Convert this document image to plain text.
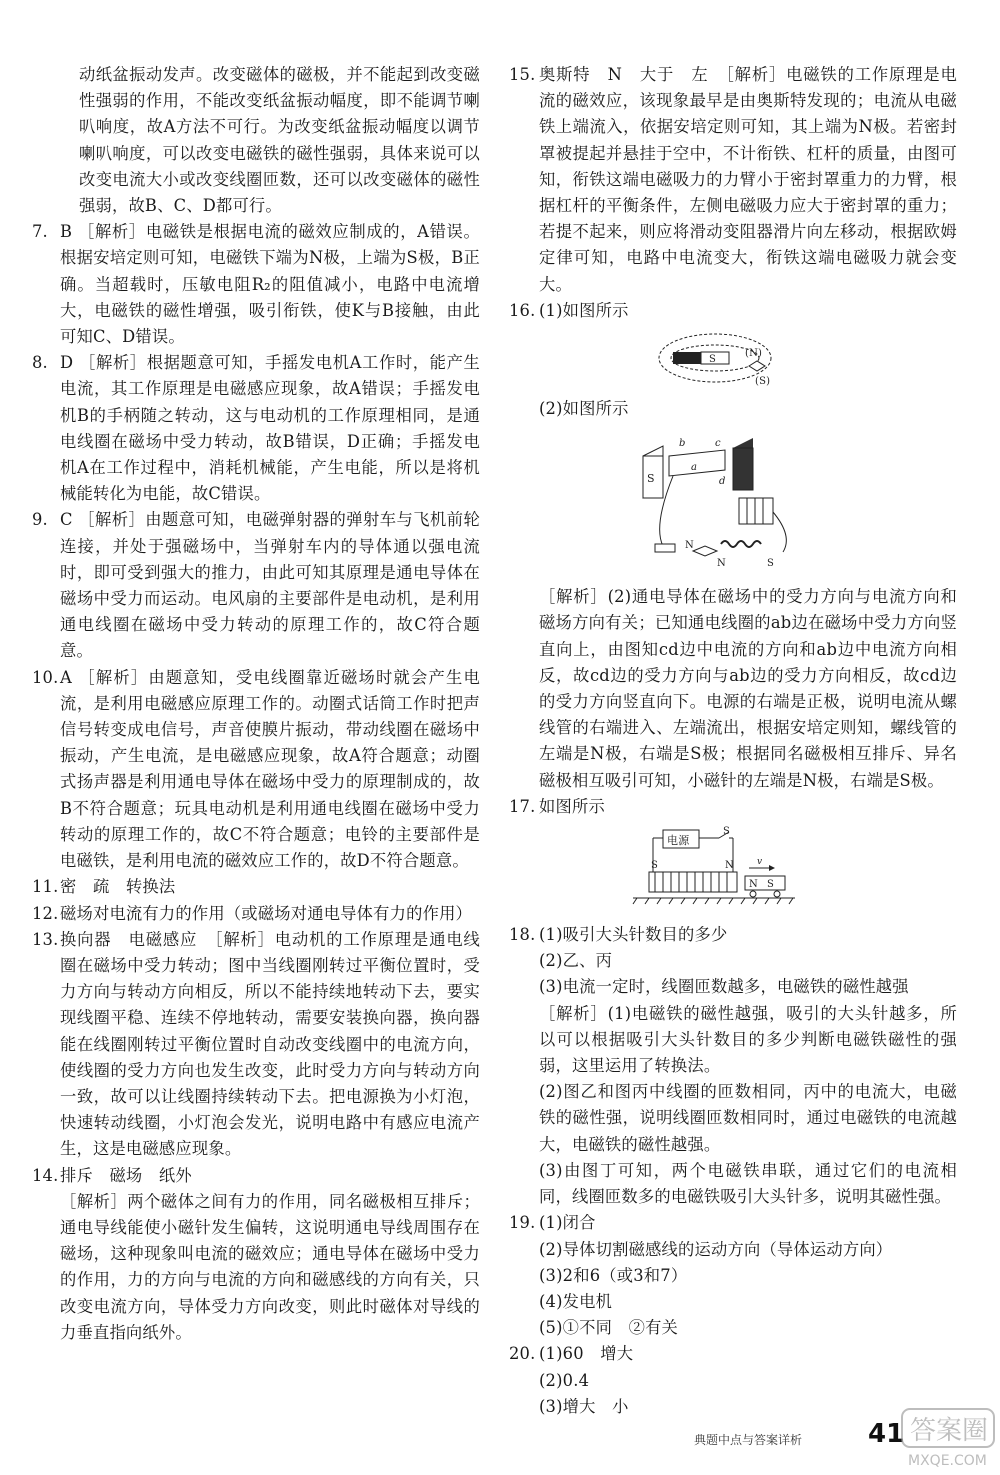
动纸盆振动发声。改变磁体的磁极，并不能起到改变磁性强弱的作用，不能改变纸盆振动幅度，即不能调节喇叭响度，故A方法不可行。为改变纸盆振动幅度以调节喇叭响度，可以改变电磁铁的磁性强弱，具体来说可以改变电流大小或改变线圈匝数，还可以改变磁体的磁性强弱，故B、C、D都可行。
7. B ［解析］电磁铁是根据电流的磁效应制成的，A错误。根据安培定则可知，电磁铁下端为N极，上端为S极，B正确。当超载时，压敏电阻R₂的阻值减小，电路中电流增大，电磁铁的磁性增强，吸引衔铁，使K与B接触，由此可知C、D错误。
8. D ［解析］根据题意可知，手摇发电机A工作时，能产生电流，其工作原理是电磁感应现象，故A错误；手摇发电机B的手柄随之转动，这与电动机的工作原理相同，是通电线圈在磁场中受力转动，故B错误，D正确；手摇发电机A在工作过程中，消耗机械能，产生电能，所以是将机械能转化为电能，故C错误。
9. C ［解析］由题意可知，电磁弹射器的弹射车与飞机前轮连接，并处于强磁场中，当弹射车内的导体通以强电流时，即可受到强大的推力，由此可知其原理是通电导体在磁场中受力而运动。电风扇的主要部件是电动机，是利用通电线圈在磁场中受力转动的原理工作的，故C符合题意。
10. A ［解析］由题意知，受电线圈靠近磁场时就会产生电流，是利用电磁感应原理工作的。动圈式话筒工作时把声信号转变成电信号，声音使膜片振动，带动线圈在磁场中振动，产生电流，是电磁感应现象，故A符合题意；动圈式扬声器是利用通电导体在磁场中受力的原理制成的，故B不符合题意；玩具电动机是利用通电线圈在磁场中受力转动的原理工作的，故C不符合题意；电铃的主要部件是电磁铁，是利用电流的磁效应工作的，故D不符合题意。
11. 密　疏　转换法
12. 磁场对电流有力的作用（或磁场对通电导体有力的作用）
13. 换向器　电磁感应　［解析］电动机的工作原理是通电线圈在磁场中受力转动；图中当线圈刚转过平衡位置时，受力方向与转动方向相反，所以不能持续地转动下去，要实现线圈平稳、连续不停地转动，需要安装换向器，换向器能在线圈刚转过平衡位置时自动改变线圈中的电流方向，使线圈的受力方向也发生改变，此时受力方向与转动方向一致，故可以让线圈持续转动下去。把电源换为小灯泡，快速转动线圈，小灯泡会发光，说明电路中有感应电流产生，这是电磁感应现象。
14. 排斥　磁场　纸外
［解析］两个磁体之间有力的作用，同名磁极相互排斥；通电导线能使小磁针发生偏转，这说明通电导线周围存在磁场，这种现象叫电流的磁效应；通电导体在磁场中受力的作用，力的方向与电流的方向和磁感线的方向有关，只改变电流方向，导体受力方向改变，则此时磁体对导线的力垂直指向纸外。
15. 奥斯特　N　大于　左　［解析］电磁铁的工作原理是电流的磁效应，该现象最早是由奥斯特发现的；电流从电磁铁上端流入，依据安培定则可知，其上端为N极。若密封罩被提起并悬挂于空中，不计衔铁、杠杆的质量，由图可知，衔铁这端电磁吸力的力臂小于密封罩重力的力臂，根据杠杆的平衡条件，左侧电磁吸力应大于密封罩的重力；若提不起来，则应将滑动变阻器滑片向左移动，根据欧姆定律可知，电路中电流变大，衔铁这端电磁吸力就会变大。
16. (1)如图所示
S
(N)
(S)
(2)如图所示
S
b	c
a
d
N
N	S
［解析］(2)通电导体在磁场中的受力方向与电流方向和磁场方向有关；已知通电线圈的ab边在磁场中受力方向竖直向上，由图知cd边中电流的方向和ab边中电流方向相反，故cd边的受力方向与ab边的受力方向相反，故cd边的受力方向竖直向下。电源的右端是正极，说明电流从螺线管的右端进入、左端流出，根据安培定则知，螺线管的左端是N极，右端是S极；根据同名磁极相互排斥、异名磁极相互吸引可知，小磁针的左端是N极，右端是S极。
17. 如图所示
电源
S
S	N
N S
v
18. (1)吸引大头针数目的多少
(2)乙、丙
(3)电流一定时，线圈匝数越多，电磁铁的磁性越强
［解析］(1)电磁铁的磁性越强，吸引的大头针越多，所以可以根据吸引大头针数目的多少判断电磁铁磁性的强弱，这里运用了转换法。
(2)图乙和图丙中线圈的匝数相同，丙中的电流大，电磁铁的磁性强，说明线圈匝数相同时，通过电磁铁的电流越大，电磁铁的磁性越强。
(3)由图丁可知，两个电磁铁串联，通过它们的电流相同，线圈匝数多的电磁铁吸引大头针多，说明其磁性强。
19. (1)闭合
(2)导体切割磁感线的运动方向（导体运动方向）
(3)2和6（或3和7）
(4)发电机
(5)①不同　②有关
20. (1)60　增大
(2)0.4
(3)增大　小
典题中点与答案详析	41 答案圈
MXQE.COM
